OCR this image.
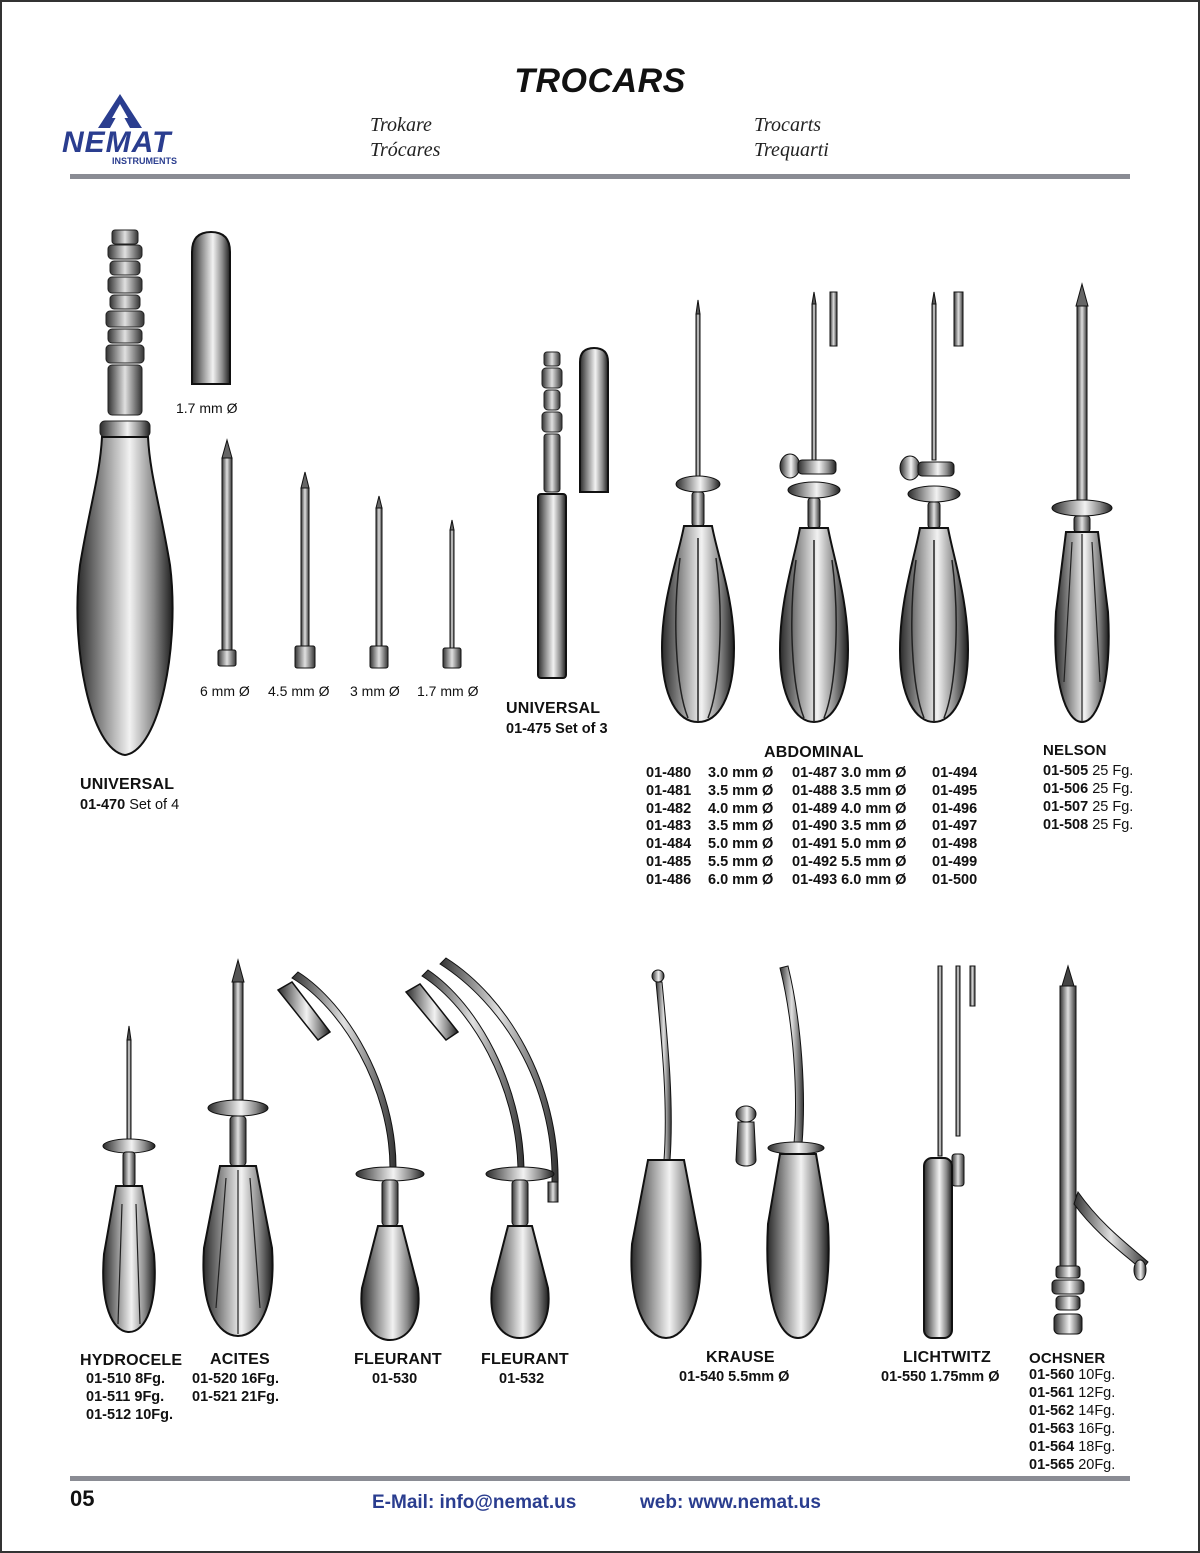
NEMAT
INSTRUMENTS
TROCARS
Trokare
Trócares
Trocarts
Trequarti
1.7 mm Ø
6 mm Ø 4.5 mm Ø 3 mm Ø 1.7 mm Ø
UNIVERSAL
01-470 Set of 4
UNIVERSAL
01-475 Set of 3
ABDOMINAL
01-480
01-481
01-482
01-483
01-484
01-485
01-486
3.0 mm Ø
3.5 mm Ø
4.0 mm Ø
3.5 mm Ø
5.0 mm Ø
5.5 mm Ø
6.0 mm Ø
01-487 3.0 mm Ø
01-488 3.5 mm Ø
01-489 4.0 mm Ø
01-490 3.5 mm Ø
01-491 5.0 mm Ø
01-492 5.5 mm Ø
01-493 6.0 mm Ø
01-494
01-495
01-496
01-497
01-498
01-499
01-500
NELSON
01-505 25 Fg.
01-506 25 Fg.
01-507 25 Fg.
01-508 25 Fg.
HYDROCELE
01-510 8Fg.
01-511 9Fg.
01-512 10Fg.
ACITES
01-520 16Fg.
01-521 21Fg.
FLEURANT
01-530
FLEURANT
01-532
KRAUSE
01-540 5.5mm Ø
LICHTWITZ
01-550 1.75mm Ø
OCHSNER
01-560 10Fg.
01-561 12Fg.
01-562 14Fg.
01-563 16Fg.
01-564 18Fg.
01-565 20Fg.
05	E-Mail: info@nemat.us	web: www.nemat.us
